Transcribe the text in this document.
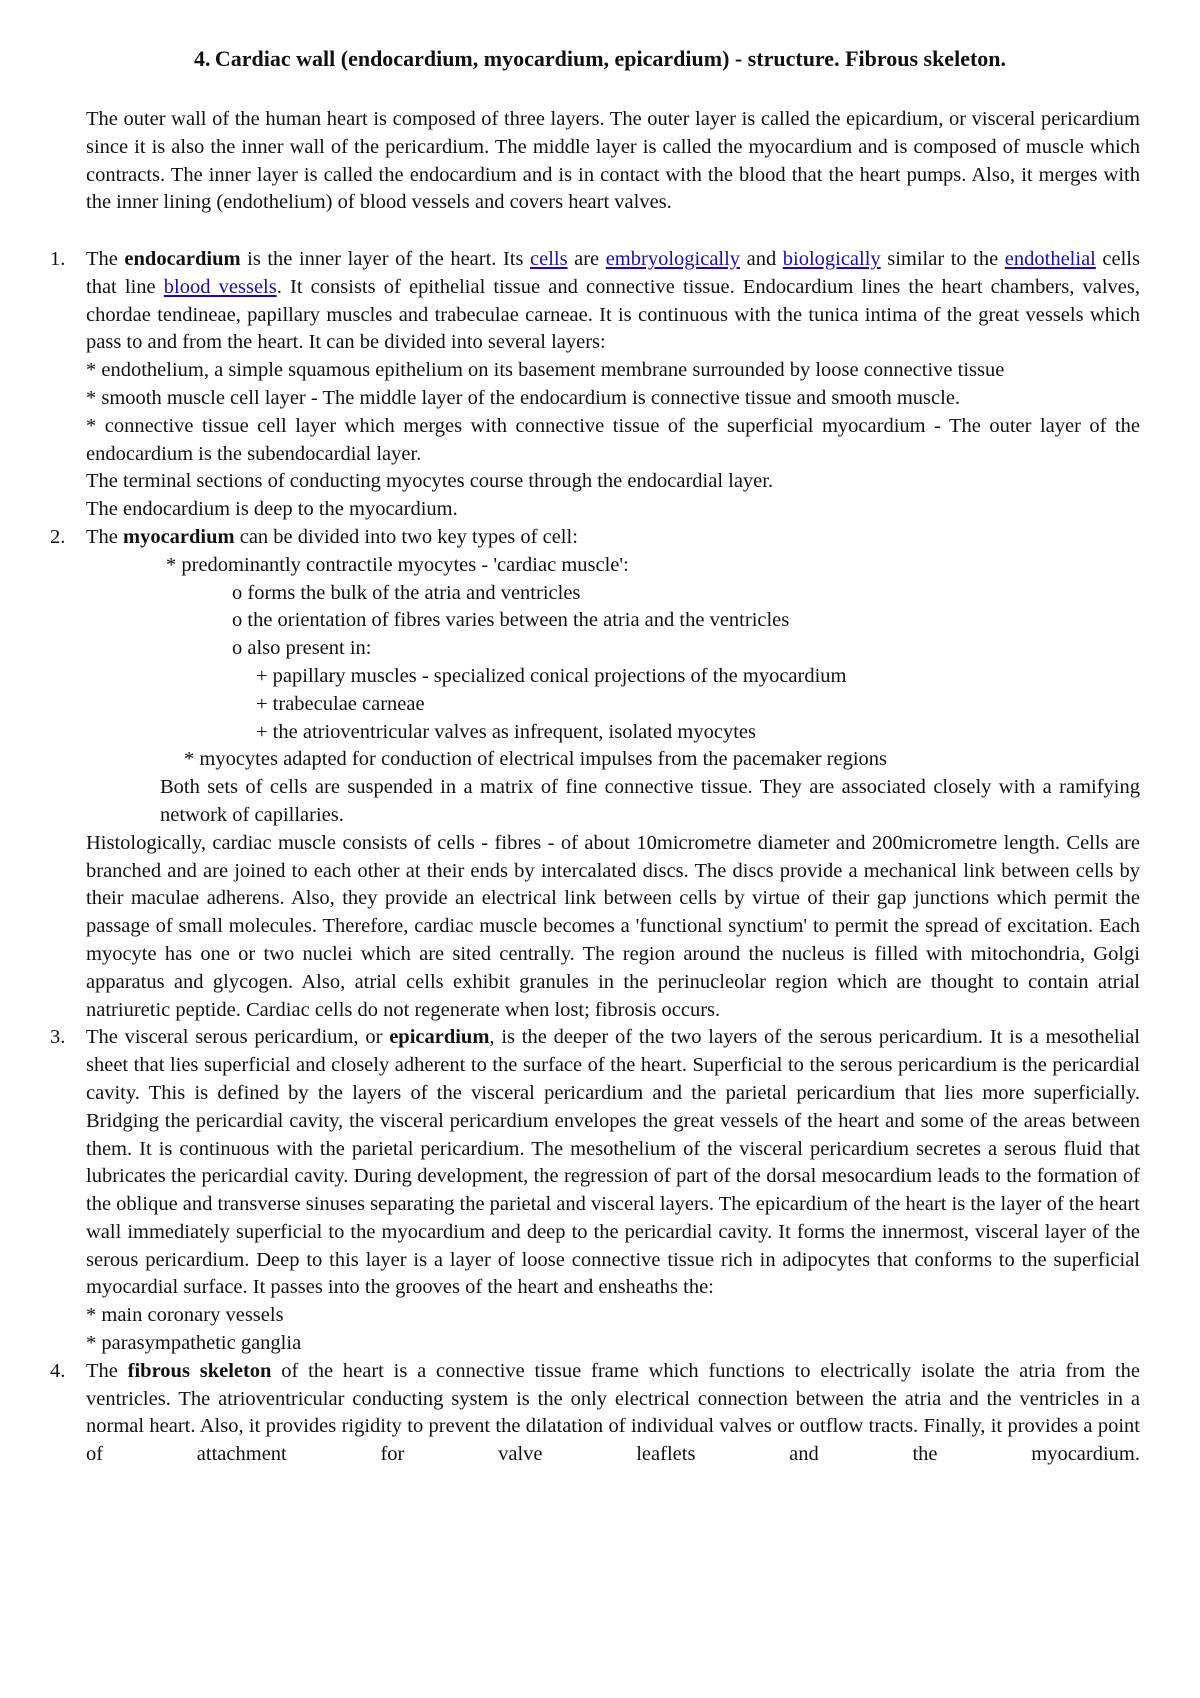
4. Cardiac wall (endocardium, myocardium, epicardium) - structure. Fibrous skeleton.

The outer wall of the human heart is composed of three layers. The outer layer is called the epicardium, or visceral pericardium since it is also the inner wall of the pericardium. The middle layer is called the myocardium and is composed of muscle which contracts. The inner layer is called the endocardium and is in contact with the blood that the heart pumps. Also, it merges with the inner lining (endothelium) of blood vessels and covers heart valves.

1. The endocardium is the inner layer of the heart. Its cells are embryologically and biologically similar to the endothelial cells that line blood vessels. It consists of epithelial tissue and connective tissue. Endocardium lines the heart chambers, valves, chordae tendineae, papillary muscles and trabeculae carneae. It is continuous with the tunica intima of the great vessels which pass to and from the heart. It can be divided into several layers:

* endothelium, a simple squamous epithelium on its basement membrane surrounded by loose connective tissue

* smooth muscle cell layer - The middle layer of the endocardium is connective tissue and smooth muscle.

* connective tissue cell layer which merges with connective tissue of the superficial myocardium - The outer layer of the endocardium is the subendocardial layer.

The terminal sections of conducting myocytes course through the endocardial layer.

The endocardium is deep to the myocardium.

2. The myocardium can be divided into two key types of cell:

* predominantly contractile myocytes - 'cardiac muscle':

o forms the bulk of the atria and ventricles

o the orientation of fibres varies between the atria and the ventricles

o also present in:

+ papillary muscles - specialized conical projections of the myocardium

+ trabeculae carneae

+ the atrioventricular valves as infrequent, isolated myocytes

* myocytes adapted for conduction of electrical impulses from the pacemaker regions

Both sets of cells are suspended in a matrix of fine connective tissue. They are associated closely with a ramifying network of capillaries.

Histologically, cardiac muscle consists of cells - fibres - of about 10micrometre diameter and 200micrometre length. Cells are branched and are joined to each other at their ends by intercalated discs. The discs provide a mechanical link between cells by their maculae adherens. Also, they provide an electrical link between cells by virtue of their gap junctions which permit the passage of small molecules. Therefore, cardiac muscle becomes a 'functional synctium' to permit the spread of excitation. Each myocyte has one or two nuclei which are sited centrally. The region around the nucleus is filled with mitochondria, Golgi apparatus and glycogen. Also, atrial cells exhibit granules in the perinucleolar region which are thought to contain atrial natriuretic peptide. Cardiac cells do not regenerate when lost; fibrosis occurs.

3. The visceral serous pericardium, or epicardium, is the deeper of the two layers of the serous pericardium. It is a mesothelial sheet that lies superficial and closely adherent to the surface of the heart. Superficial to the serous pericardium is the pericardial cavity. This is defined by the layers of the visceral pericardium and the parietal pericardium that lies more superficially. Bridging the pericardial cavity, the visceral pericardium envelopes the great vessels of the heart and some of the areas between them. It is continuous with the parietal pericardium. The mesothelium of the visceral pericardium secretes a serous fluid that lubricates the pericardial cavity. During development, the regression of part of the dorsal mesocardium leads to the formation of the oblique and transverse sinuses separating the parietal and visceral layers. The epicardium of the heart is the layer of the heart wall immediately superficial to the myocardium and deep to the pericardial cavity. It forms the innermost, visceral layer of the serous pericardium. Deep to this layer is a layer of loose connective tissue rich in adipocytes that conforms to the superficial myocardial surface. It passes into the grooves of the heart and ensheaths the:

* main coronary vessels

* parasympathetic ganglia

4. The fibrous skeleton of the heart is a connective tissue frame which functions to electrically isolate the atria from the ventricles. The atrioventricular conducting system is the only electrical connection between the atria and the ventricles in a normal heart. Also, it provides rigidity to prevent the dilatation of individual valves or outflow tracts. Finally, it provides a point of attachment for valve leaflets and the myocardium.
